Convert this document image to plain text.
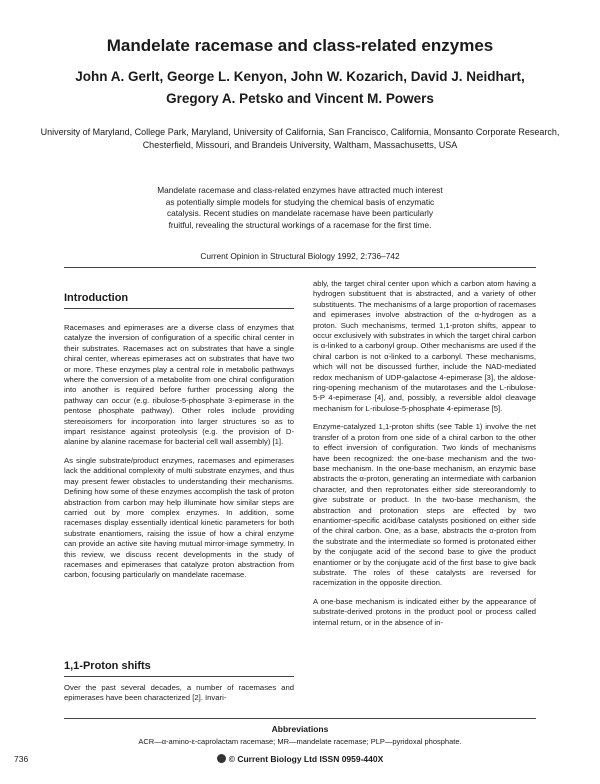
Mandelate racemase and class-related enzymes
John A. Gerlt, George L. Kenyon, John W. Kozarich, David J. Neidhart,
Gregory A. Petsko and Vincent M. Powers
University of Maryland, College Park, Maryland, University of California, San Francisco, California, Monsanto Corporate Research, Chesterfield, Missouri, and Brandeis University, Waltham, Massachusetts, USA
Mandelate racemase and class-related enzymes have attracted much interest as potentially simple models for studying the chemical basis of enzymatic catalysis. Recent studies on mandelate racemase have been particularly fruitful, revealing the structural workings of a racemase for the first time.
Current Opinion in Structural Biology 1992, 2:736–742
Introduction

Racemases and epimerases are a diverse class of enzymes that catalyze the inversion of configuration of a specific chiral center in their substrates. Racemases act on substrates that have a single chiral center, whereas epimerases act on substrates that have two or more. These enzymes play a central role in metabolic pathways where the conversion of a metabolite from one chiral configuration into another is required before further processing along the pathway can occur (e.g. ribulose-5-phosphate 3-epimerase in the pentose phosphate pathway). Other roles include providing stereoisomers for incorporation into larger structures so as to impart resistance against proteolysis (e.g. the provision of D-alanine by alanine racemase for bacterial cell wall assembly) [1].

As single substrate/product enzymes, racemases and epimerases lack the additional complexity of multi substrate enzymes, and thus may present fewer obstacles to understanding their mechanisms. Defining how some of these enzymes accomplish the task of proton abstraction from carbon may help illuminate how similar steps are carried out by more complex enzymes. In addition, some racemases display essentially identical kinetic parameters for both substrate enantiomers, raising the issue of how a chiral enzyme can provide an active site having mutual mirror-image symmetry. In this review, we discuss recent developments in the study of racemases and epimerases that catalyze proton abstraction from carbon, focusing particularly on mandelate racemase.

1,1-Proton shifts

Over the past several decades, a number of racemases and epimerases have been characterized [2]. Invari-

ably, the target chiral center upon which a carbon atom having a hydrogen substituent that is abstracted, and a variety of other substituents. The mechanisms of a large proportion of racemases and epimerases involve abstraction of the α-hydrogen as a proton. Such mechanisms, termed 1,1-proton shifts, appear to occur exclusively with substrates in which the target chiral carbon is α-linked to a carbonyl group. Other mechanisms are used if the chiral carbon is not α-linked to a carbonyl. These mechanisms, which will not be discussed further, include the NAD-mediated redox mechanism of UDP-galactose 4-epimerase [3], the aldose-ring-opening mechanism of the mutarotases and the L-ribulose-5-P 4-epimerase [4], and, possibly, a reversible aldol cleavage mechanism for L-ribulose-5-phosphate 4-epimerase [5].

Enzyme-catalyzed 1,1-proton shifts (see Table 1) involve the net transfer of a proton from one side of a chiral carbon to the other to effect inversion of configuration. Two kinds of mechanisms have been recognized: the one-base mechanism and the two-base mechanism. In the one-base mechanism, an enzymic base abstracts the α-proton, generating an intermediate with carbanion character, and then reprotonates either side stereorandomly to give substrate or product. In the two-base mechanism, the abstraction and protonation steps are effected by two enantiomer-specific acid/base catalysts positioned on either side of the chiral carbon. One, as a base, abstracts the α-proton from the substrate and the intermediate so formed is protonated either by the conjugate acid of the second base to give the product enantiomer or by the conjugate acid of the first base to give back substrate. The roles of these catalysts are reversed for racemization in the opposite direction.

A one-base mechanism is indicated either by the appearance of substrate-derived protons in the product pool or process called internal return, or in the absence of in-

Abbreviations
ACR—α-amino-ε-caprolactam racemase; MR—mandelate racemase; PLP—pyridoxal phosphate.
736	© Current Biology Ltd ISSN 0959-440X
